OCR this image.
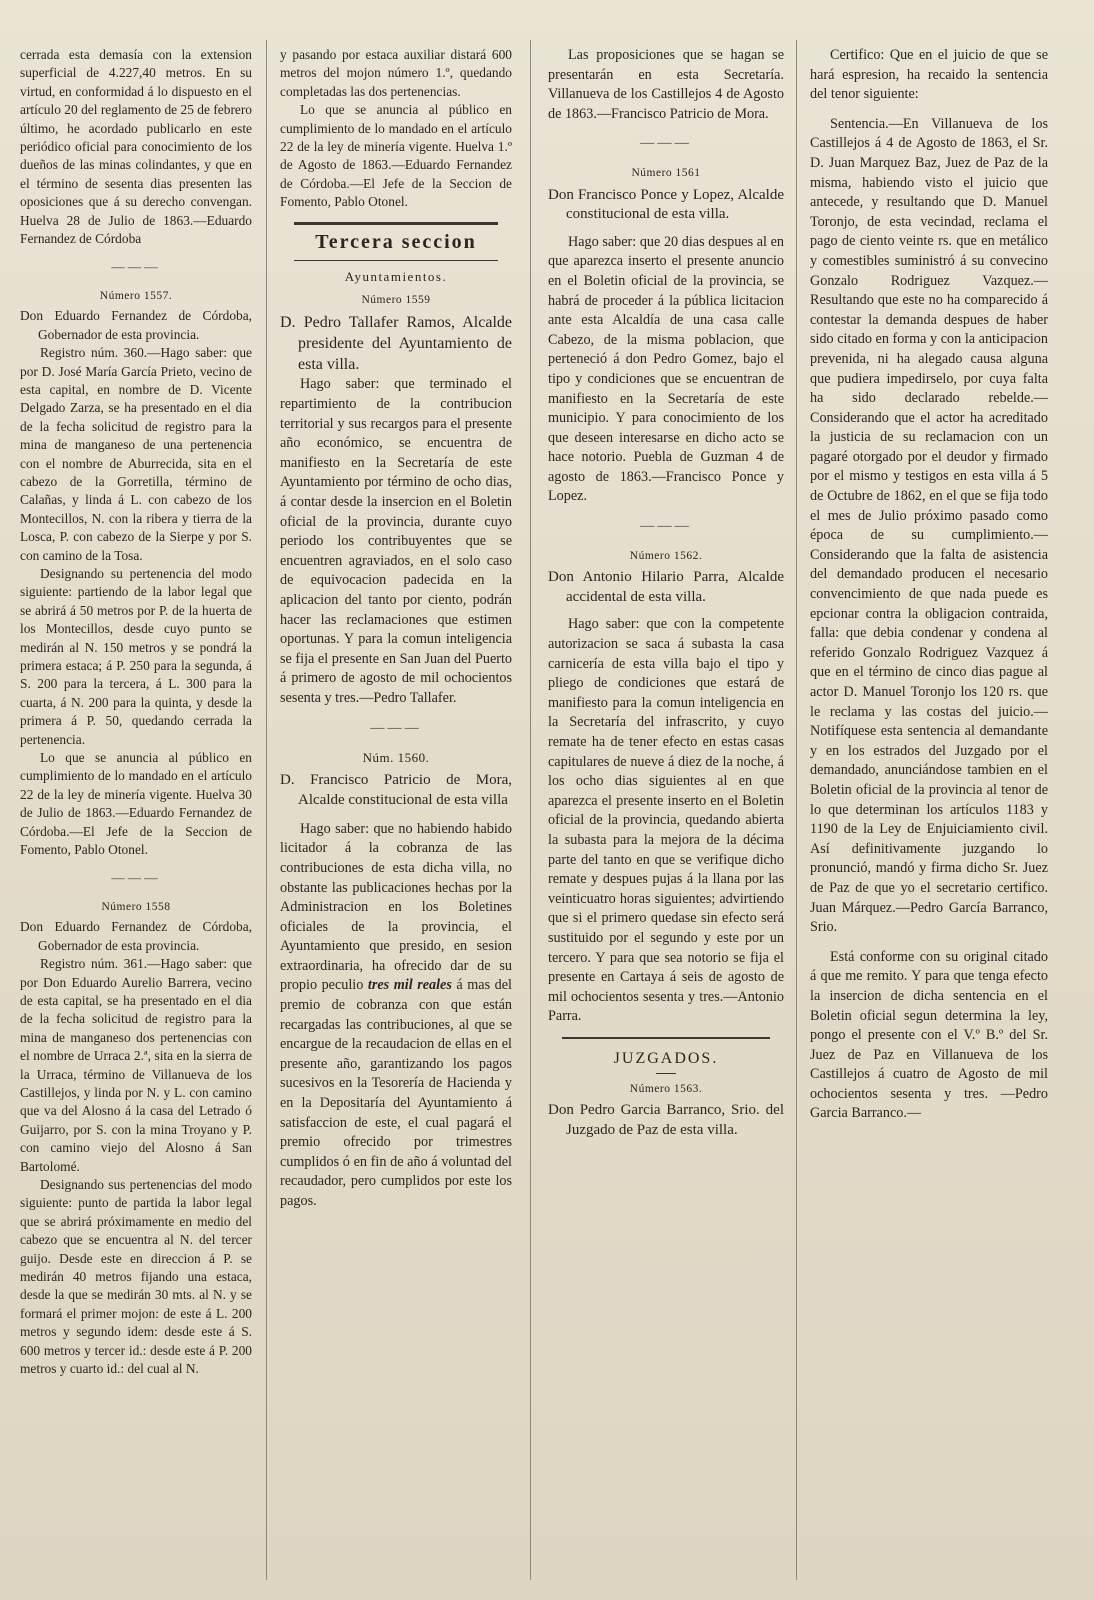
cerrada esta demasía con la extension superficial de 4.227,40 metros. En su virtud, en conformidad á lo dispuesto en el artículo 20 del reglamento de 25 de febrero último, he acordado publicarlo en este periódico oficial para conocimiento de los dueños de las minas colindantes, y que en el término de sesenta dias presenten las oposiciones que á su derecho convengan. Huelva 28 de Julio de 1863.—Eduardo Fernandez de Córdoba

———

Número 1557.

Don Eduardo Fernandez de Córdoba, Gobernador de esta provincia.

Registro núm. 360.—Hago saber: que por D. José María García Prieto, vecino de esta capital, en nombre de D. Vicente Delgado Zarza, se ha presentado en el dia de la fecha solicitud de registro para la mina de manganeso de una pertenencia con el nombre de Aburrecida, sita en el cabezo de la Gorretilla, término de Calañas, y linda á L. con cabezo de los Montecillos, N. con la ribera y tierra de la Losca, P. con cabezo de la Sierpe y por S. con camino de la Tosa.

Designando su pertenencia del modo siguiente: partiendo de la labor legal que se abrirá á 50 metros por P. de la huerta de los Montecillos, desde cuyo punto se medirán al N. 150 metros y se pondrá la primera estaca; á P. 250 para la segunda, á S. 200 para la tercera, á L. 300 para la cuarta, á N. 200 para la quinta, y desde la primera á P. 50, quedando cerrada la pertenencia.

Lo que se anuncia al público en cumplimiento de lo mandado en el artículo 22 de la ley de minería vigente. Huelva 30 de Julio de 1863.—Eduardo Fernandez de Córdoba.—El Jefe de la Seccion de Fomento, Pablo Otonel.

———

Número 1558

Don Eduardo Fernandez de Córdoba, Gobernador de esta provincia.

Registro núm. 361.—Hago saber: que por Don Eduardo Aurelio Barrera, vecino de esta capital, se ha presentado en el dia de la fecha solicitud de registro para la mina de manganeso dos pertenencias con el nombre de Urraca 2.ª, sita en la sierra de la Urraca, término de Villanueva de los Castillejos, y linda por N. y L. con camino que va del Alosno á la casa del Letrado ó Guijarro, por S. con la mina Troyano y P. con camino viejo del Alosno á San Bartolomé.

Designando sus pertenencias del modo siguiente: punto de partida la labor legal que se abrirá próximamente en medio del cabezo que se encuentra al N. del tercer guijo. Desde este en direccion á P. se medirán 40 metros fijando una estaca, desde la que se medirán 30 mts. al N. y se formará el primer mojon: de este á L. 200 metros y segundo idem: desde este á S. 600 metros y tercer id.: desde este á P. 200 metros y cuarto id.: del cual al N.

y pasando por estaca auxiliar distará 600 metros del mojon número 1.º, quedando completadas las dos pertenencias.

Lo que se anuncia al público en cumplimiento de lo mandado en el artículo 22 de la ley de minería vigente. Huelva 1.º de Agosto de 1863.—Eduardo Fernandez de Córdoba.—El Jefe de la Seccion de Fomento, Pablo Otonel.

Tercera seccion

Ayuntamientos.

Número 1559

D. Pedro Tallafer Ramos, Alcalde presidente del Ayuntamiento de esta villa.

Hago saber: que terminado el repartimiento de la contribucion territorial y sus recargos para el presente año económico, se encuentra de manifiesto en la Secretaría de este Ayuntamiento por término de ocho dias, á contar desde la insercion en el Boletin oficial de la provincia, durante cuyo periodo los contribuyentes que se encuentren agraviados, en el solo caso de equivocacion padecida en la aplicacion del tanto por ciento, podrán hacer las reclamaciones que estimen oportunas. Y para la comun inteligencia se fija el presente en San Juan del Puerto á primero de agosto de mil ochocientos sesenta y tres.—Pedro Tallafer.

———

Núm. 1560.

D. Francisco Patricio de Mora, Alcalde constitucional de esta villa

Hago saber: que no habiendo habido licitador á la cobranza de las contribuciones de esta dicha villa, no obstante las publicaciones hechas por la Administracion en los Boletines oficiales de la provincia, el Ayuntamiento que presido, en sesion extraordinaria, ha ofrecido dar de su propio peculio tres mil reales á mas del premio de cobranza con que están recargadas las contribuciones, al que se encargue de la recaudacion de ellas en el presente año, garantizando los pagos sucesivos en la Tesorería de Hacienda y en la Depositaría del Ayuntamiento á satisfaccion de este, el cual pagará el premio ofrecido por trimestres cumplidos ó en fin de año á voluntad del recaudador, pero cumplidos por este los pagos.

Las proposiciones que se hagan se presentarán en esta Secretaría. Villanueva de los Castillejos 4 de Agosto de 1863.—Francisco Patricio de Mora.

———

Número 1561

Don Francisco Ponce y Lopez, Alcalde constitucional de esta villa.

Hago saber: que 20 dias despues al en que aparezca inserto el presente anuncio en el Boletin oficial de la provincia, se habrá de proceder á la pública licitacion ante esta Alcaldía de una casa calle Cabezo, de la misma poblacion, que perteneció á don Pedro Gomez, bajo el tipo y condiciones que se encuentran de manifiesto en la Secretaría de este municipio. Y para conocimiento de los que deseen interesarse en dicho acto se hace notorio. Puebla de Guzman 4 de agosto de 1863.—Francisco Ponce y Lopez.

———

Número 1562.

Don Antonio Hilario Parra, Alcalde accidental de esta villa.

Hago saber: que con la competente autorizacion se saca á subasta la casa carnicería de esta villa bajo el tipo y pliego de condiciones que estará de manifiesto para la comun inteligencia en la Secretaría del infrascrito, y cuyo remate ha de tener efecto en estas casas capitulares de nueve á diez de la noche, á los ocho dias siguientes al en que aparezca el presente inserto en el Boletin oficial de la provincia, quedando abierta la subasta para la mejora de la décima parte del tanto en que se verifique dicho remate y despues pujas á la llana por las veinticuatro horas siguientes; advirtiendo que si el primero quedase sin efecto será sustituido por el segundo y este por un tercero. Y para que sea notorio se fija el presente en Cartaya á seis de agosto de mil ochocientos sesenta y tres.—Antonio Parra.

JUZGADOS.

Número 1563.

Don Pedro Garcia Barranco, Srio. del Juzgado de Paz de esta villa.

Certifico: Que en el juicio de que se hará espresion, ha recaido la sentencia del tenor siguiente:

Sentencia.—En Villanueva de los Castillejos á 4 de Agosto de 1863, el Sr. D. Juan Marquez Baz, Juez de Paz de la misma, habiendo visto el juicio que antecede, y resultando que D. Manuel Toronjo, de esta vecindad, reclama el pago de ciento veinte rs. que en metálico y comestibles suministró á su convecino Gonzalo Rodriguez Vazquez.—Resultando que este no ha comparecido á contestar la demanda despues de haber sido citado en forma y con la anticipacion prevenida, ni ha alegado causa alguna que pudiera impedirselo, por cuya falta ha sido declarado rebelde.—Considerando que el actor ha acreditado la justicia de su reclamacion con un pagaré otorgado por el deudor y firmado por el mismo y testigos en esta villa á 5 de Octubre de 1862, en el que se fija todo el mes de Julio próximo pasado como época de su cumplimiento.—Considerando que la falta de asistencia del demandado producen el necesario convencimiento de que nada puede es epcionar contra la obligacion contraida, falla: que debia condenar y condena al referido Gonzalo Rodriguez Vazquez á que en el término de cinco dias pague al actor D. Manuel Toronjo los 120 rs. que le reclama y las costas del juicio.—Notifíquese esta sentencia al demandante y en los estrados del Juzgado por el demandado, anunciándose tambien en el Boletin oficial de la provincia al tenor de lo que determinan los artículos 1183 y 1190 de la Ley de Enjuiciamiento civil. Así definitivamente juzgando lo pronunció, mandó y firma dicho Sr. Juez de Paz de que yo el secretario certifico. Juan Márquez.—Pedro García Barranco, Srio.

Está conforme con su original citado á que me remito. Y para que tenga efecto la insercion de dicha sentencia en el Boletin oficial segun determina la ley, pongo el presente con el V.º B.º del Sr. Juez de Paz en Villanueva de los Castillejos á cuatro de Agosto de mil ochocientos sesenta y tres. —Pedro Garcia Barranco.—
